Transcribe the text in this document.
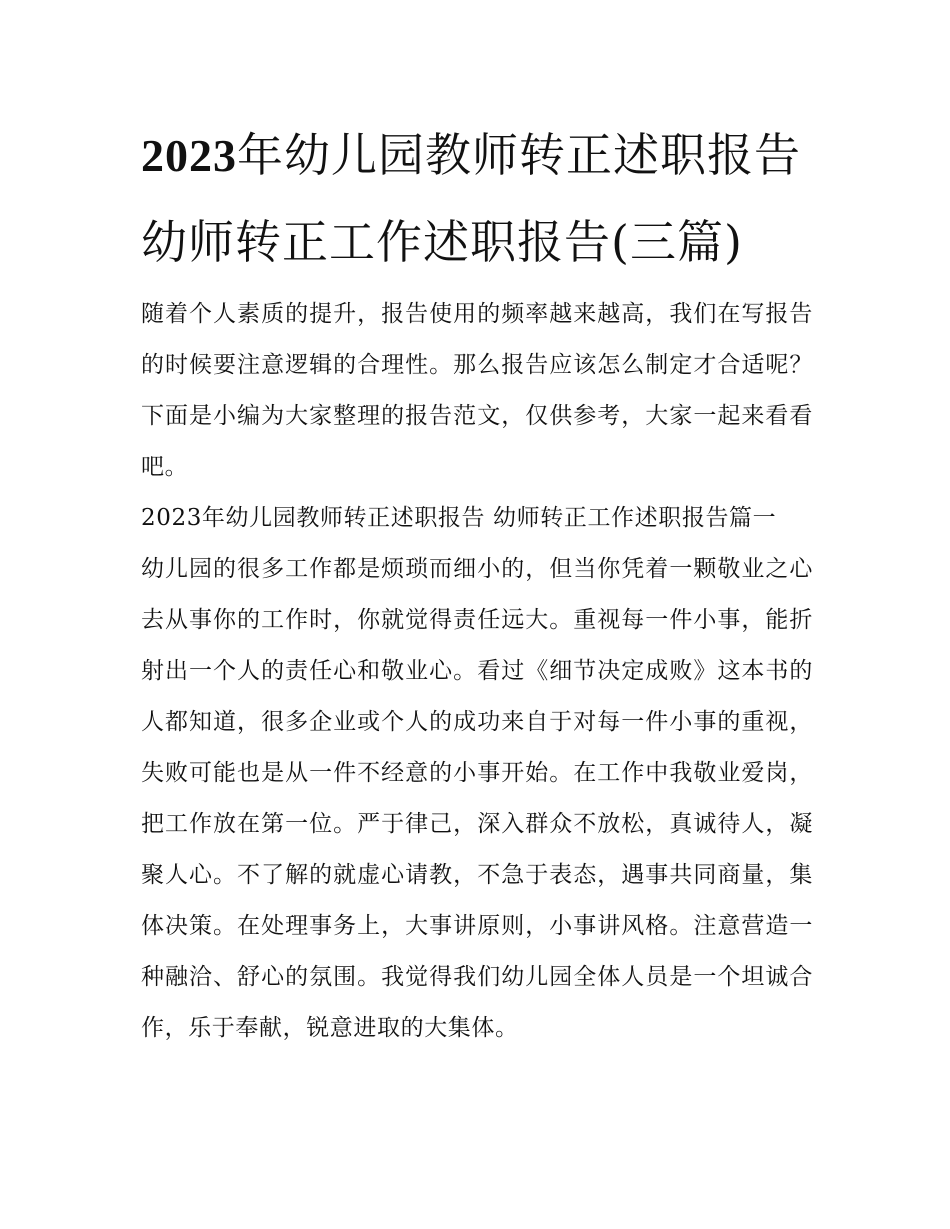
2023年幼儿园教师转正述职报告 幼师转正工作述职报告(三篇)

随着个人素质的提升，报告使用的频率越来越高，我们在写报告的时候要注意逻辑的合理性。那么报告应该怎么制定才合适呢？下面是小编为大家整理的报告范文，仅供参考，大家一起来看看吧。

2023年幼儿园教师转正述职报告 幼师转正工作述职报告篇一

幼儿园的很多工作都是烦琐而细小的，但当你凭着一颗敬业之心去从事你的工作时，你就觉得责任远大。重视每一件小事，能折射出一个人的责任心和敬业心。看过《细节决定成败》这本书的人都知道，很多企业或个人的成功来自于对每一件小事的重视，失败可能也是从一件不经意的小事开始。在工作中我敬业爱岗，把工作放在第一位。严于律己，深入群众不放松，真诚待人，凝聚人心。不了解的就虚心请教，不急于表态，遇事共同商量，集体决策。在处理事务上，大事讲原则，小事讲风格。注意营造一种融洽、舒心的氛围。我觉得我们幼儿园全体人员是一个坦诚合作，乐于奉献，锐意进取的大集体。
